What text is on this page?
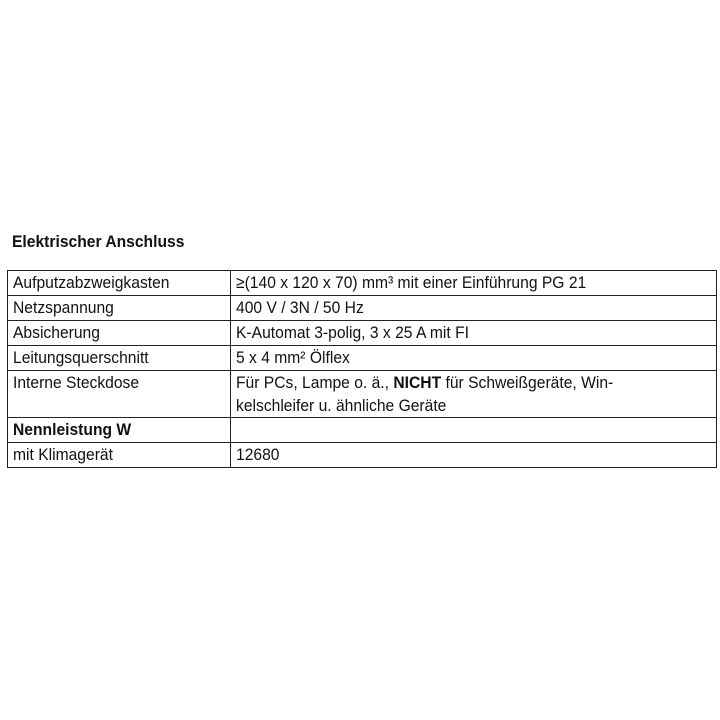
Elektrischer Anschluss
Aufputzabzweigkasten	≥(140 x 120 x 70) mm³ mit einer Einführung PG 21
Netzspannung	400 V / 3N / 50 Hz
Absicherung	K-Automat 3-polig, 3 x 25 A mit FI
Leitungsquerschnitt	5 x 4 mm² Ölflex
Interne Steckdose	Für PCs, Lampe o. ä., NICHT für Schweißgeräte, Win-
kelschleifer u. ähnliche Geräte
Nennleistung W	
mit Klimagerät	12680
